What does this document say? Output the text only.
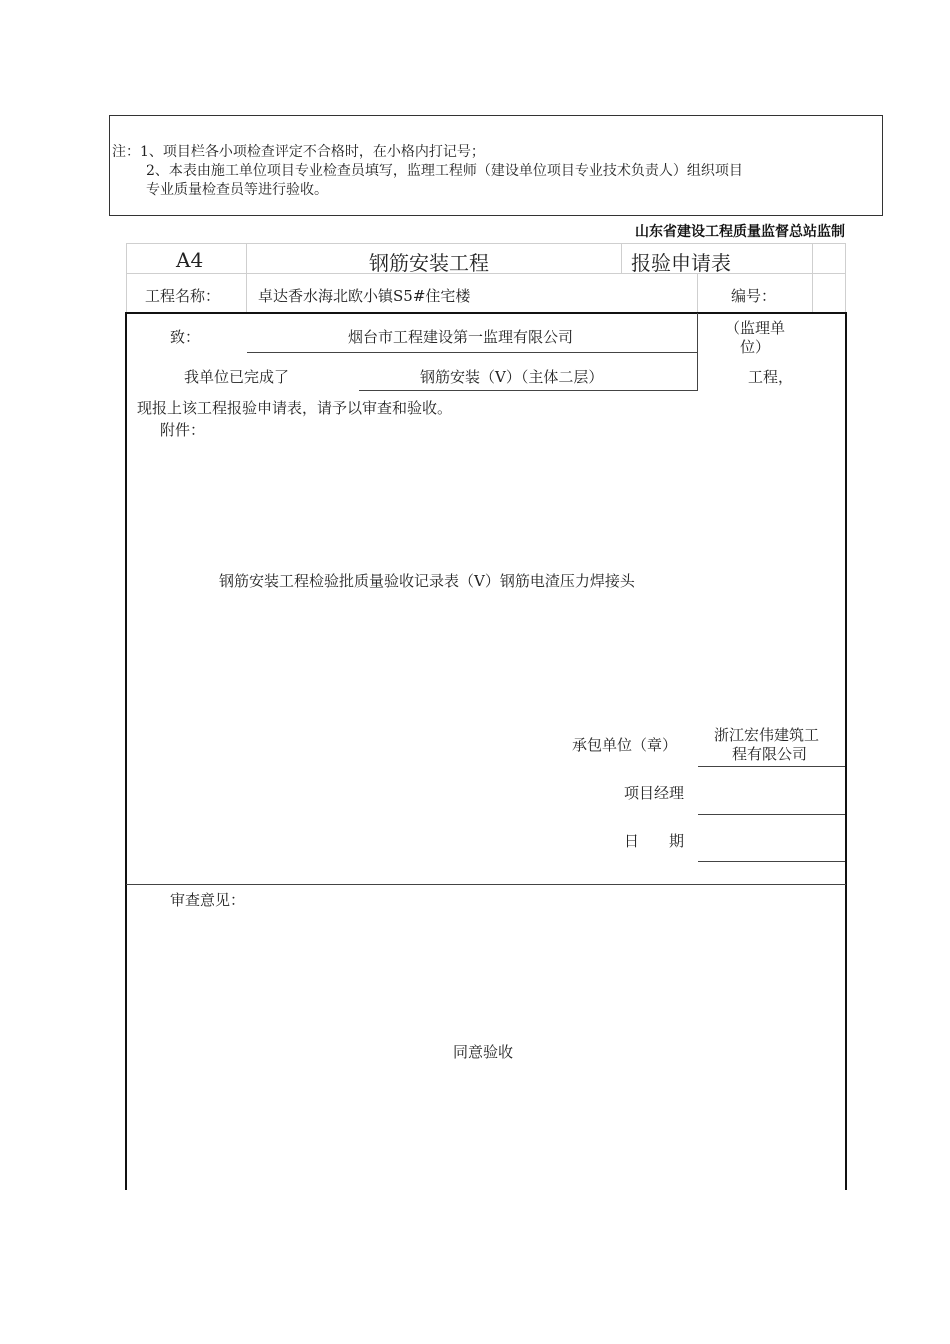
注：1、项目栏各小项检查评定不合格时，在小格内打记号；
2、本表由施工单位项目专业检查员填写，监理工程师（建设单位项目专业技术负责人）组织项目
专业质量检查员等进行验收。
山东省建设工程质量监督总站监制
A4	钢筋安装工程	报验申请表
工程名称：	卓达香水海北欧小镇S5#住宅楼	编号：
致：	烟台市工程建设第一监理有限公司	（监理单
位）
我单位已完成了	钢筋安装（Ⅴ）（主体二层）	工程，
现报上该工程报验申请表，请予以审查和验收。
附件：
钢筋安装工程检验批质量验收记录表（Ⅴ）钢筋电渣压力焊接头
承包单位（章）
浙江宏伟建筑工
程有限公司
项目经理
日　　期
审查意见：
同意验收
